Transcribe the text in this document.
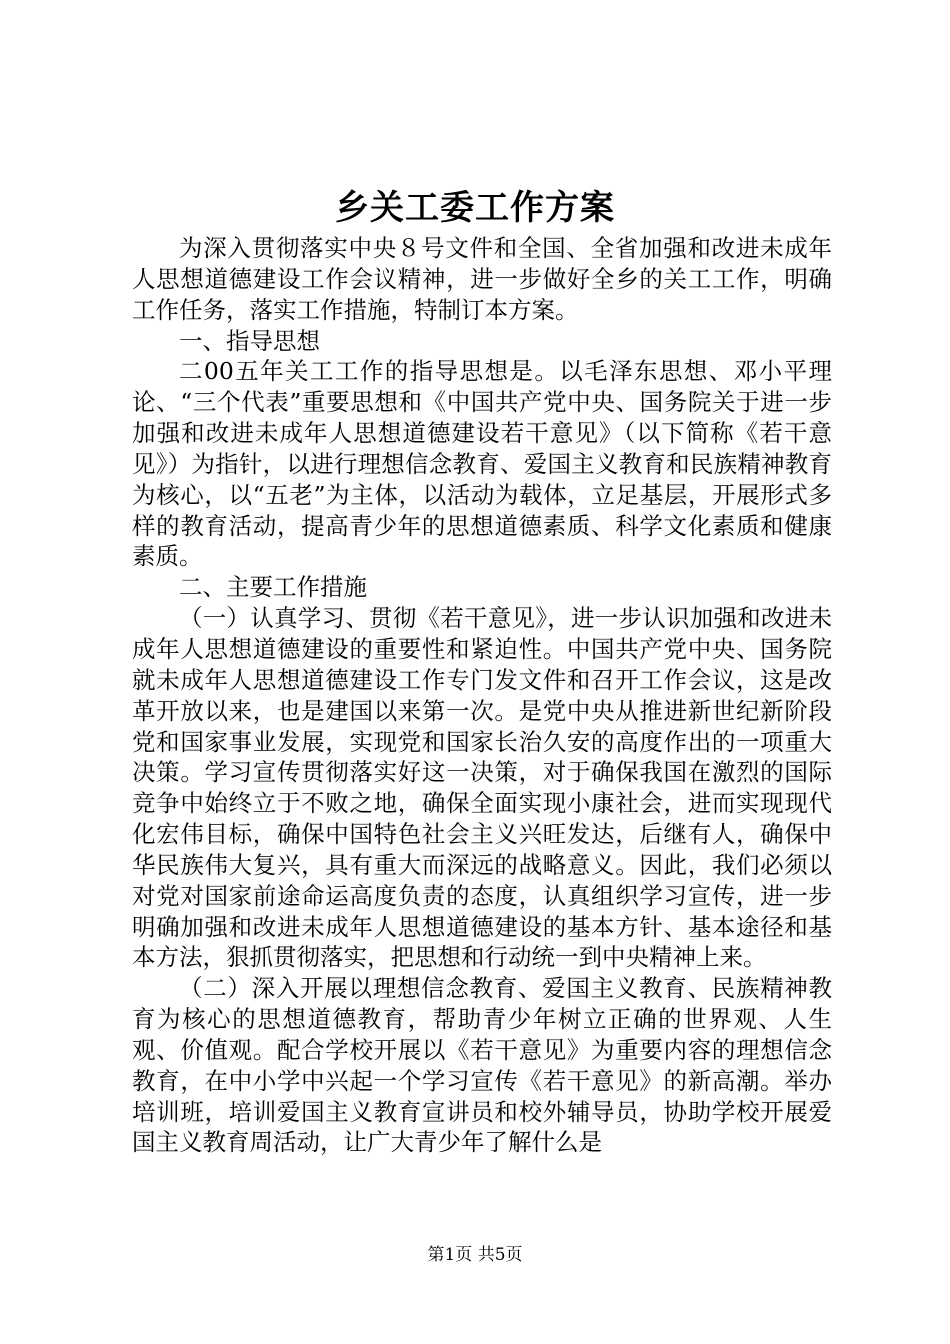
乡关工委工作方案

为深入贯彻落实中央８号文件和全国、全省加强和改进未成年人思想道德建设工作会议精神，进一步做好全乡的关工工作，明确工作任务，落实工作措施，特制订本方案。

一、指导思想

二00五年关工工作的指导思想是。以毛泽东思想、邓小平理论、“三个代表”重要思想和《中国共产党中央、国务院关于进一步加强和改进未成年人思想道德建设若干意见》（以下简称《若干意见》）为指针，以进行理想信念教育、爱国主义教育和民族精神教育为核心，以“五老”为主体，以活动为载体，立足基层，开展形式多样的教育活动，提高青少年的思想道德素质、科学文化素质和健康素质。

二、主要工作措施

（一）认真学习、贯彻《若干意见》，进一步认识加强和改进未成年人思想道德建设的重要性和紧迫性。中国共产党中央、国务院就未成年人思想道德建设工作专门发文件和召开工作会议，这是改革开放以来，也是建国以来第一次。是党中央从推进新世纪新阶段党和国家事业发展，实现党和国家长治久安的高度作出的一项重大决策。学习宣传贯彻落实好这一决策，对于确保我国在激烈的国际竞争中始终立于不败之地，确保全面实现小康社会，进而实现现代化宏伟目标，确保中国特色社会主义兴旺发达，后继有人，确保中华民族伟大复兴，具有重大而深远的战略意义。因此，我们必须以对党对国家前途命运高度负责的态度，认真组织学习宣传，进一步明确加强和改进未成年人思想道德建设的基本方针、基本途径和基本方法，狠抓贯彻落实，把思想和行动统一到中央精神上来。

（二）深入开展以理想信念教育、爱国主义教育、民族精神教育为核心的思想道德教育，帮助青少年树立正确的世界观、人生观、价值观。配合学校开展以《若干意见》为重要内容的理想信念教育，在中小学中兴起一个学习宣传《若干意见》的新高潮。举办培训班，培训爱国主义教育宣讲员和校外辅导员，协助学校开展爱国主义教育周活动，让广大青少年了解什么是

第1页 共5页
